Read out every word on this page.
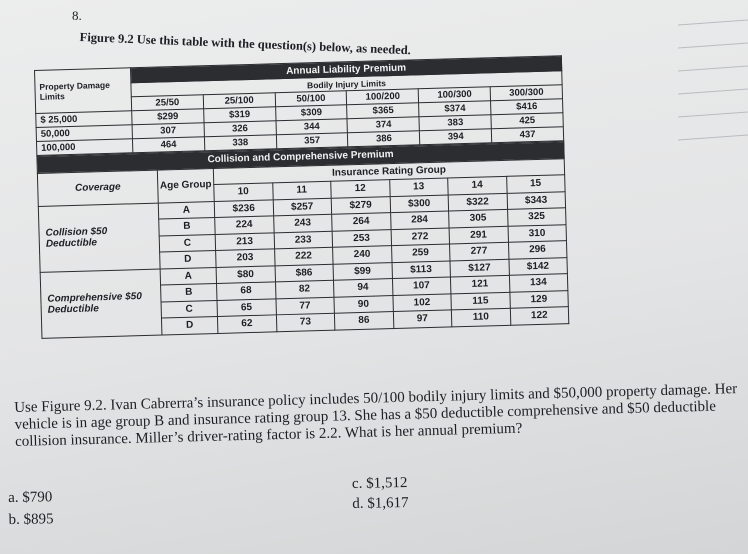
8.
Figure 9.2 Use this table with the question(s) below, as needed.
Property Damage Limits	Annual Liability Premium					
	Bodily Injury Limits					
	25/50	25/100	50/100	100/200	100/300	300/300
$ 25,000	$299	$319	$309	$365	$374	$416
50,000	307	326	344	374	383	425
100,000	464	338	357	386	394	437
Collision and Comprehensive Premium							
Coverage	Age Group	Insurance Rating Group					
		10	11	12	13	14	15
Collision $50 Deductible	A	$236	$257	$279	$300	$322	$343
	B	224	243	264	284	305	325
	C	213	233	253	272	291	310
	D	203	222	240	259	277	296
Comprehensive $50 Deductible	A	$80	$86	$99	$113	$127	$142
	B	68	82	94	107	121	134
	C	65	77	90	102	115	129
	D	62	73	86	97	110	122

Use Figure 9.2. Ivan Cabrerra’s insurance policy includes 50/100 bodily injury limits and $50,000 property damage. Her vehicle is in age group B and insurance rating group 13. She has a $50 deductible comprehensive and $50 deductible collision insurance. Miller’s driver-rating factor is 2.2. What is her annual premium?

a. $790
b. $895
c. $1,512
d. $1,617
